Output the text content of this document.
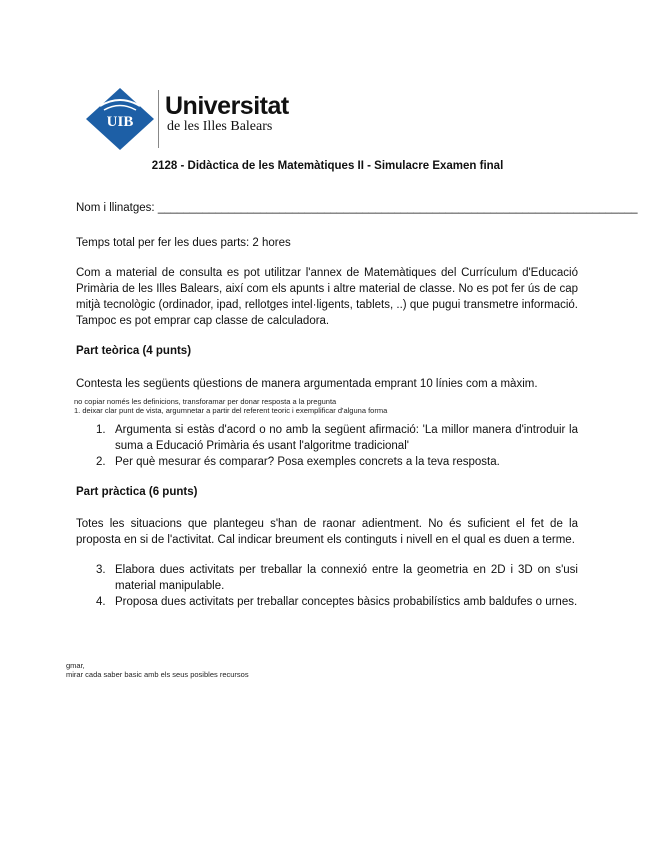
UIB
Universitat
de les Illes Balears
2128 - Didàctica de les Matemàtiques II - Simulacre Examen final
Nom i llinatges: ___________________________________________________________________________
Temps total per fer les dues parts: 2 hores
Com a material de consulta es pot utilitzar l'annex de Matemàtiques del Currículum d'Educació Primària de les Illes Balears, així com els apunts i altre material de classe. No es pot fer ús de cap mitjà tecnològic (ordinador, ipad, rellotges intel·ligents, tablets, ..) que pugui transmetre informació. Tampoc es pot emprar cap classe de calculadora.
Part teòrica (4 punts)
Contesta les següents qüestions de manera argumentada emprant 10 línies com a màxim.
no copiar només les definicions, transforamar per donar resposta a la pregunta
1. deixar clar punt de vista, argumnetar a partir del referent teoric i exemplificar d'alguna forma
1. Argumenta si estàs d'acord o no amb la següent afirmació: 'La millor manera d'introduir la suma a Educació Primària és usant l'algoritme tradicional'
2. Per què mesurar és comparar? Posa exemples concrets a la teva resposta.
Part pràctica (6 punts)
Totes les situacions que plantegeu s'han de raonar adientment. No és suficient el fet de la proposta en si de l'activitat. Cal indicar breument els continguts i nivell en el qual es duen a terme.
3. Elabora dues activitats per treballar la connexió entre la geometria en 2D i 3D on s'usi material manipulable.
4. Proposa dues activitats per treballar conceptes bàsics probabilístics amb baldufes o urnes.
gmar,
mirar cada saber basic amb els seus posibles recursos
